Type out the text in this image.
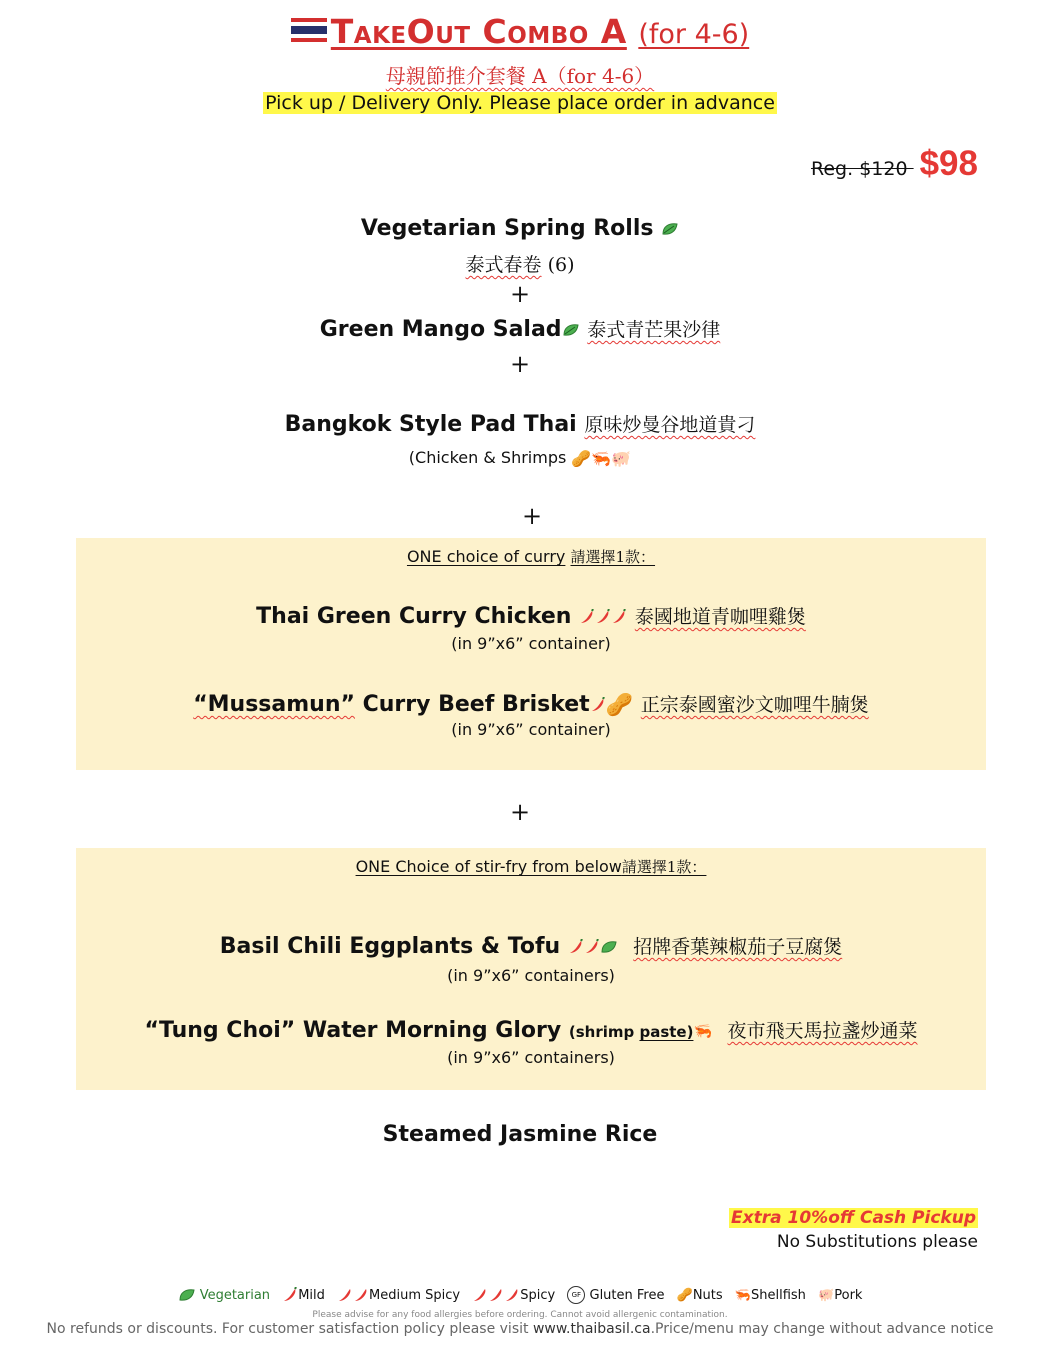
TakeOut Combo A (for 4-6)
母親節推介套餐 A（for 4-6）
Pick up / Delivery Only. Please place order in advance
Reg. $120 $98
Vegetarian Spring Rolls
泰式春卷 (6)
+
Green Mango Salad 泰式青芒果沙律
+
Bangkok Style Pad Thai 原味炒曼谷地道貴刁
(Chicken & Shrimps 🥜🦐🐖
+
ONE choice of curry 請選擇1款：
Thai Green Curry Chicken	泰國地道青咖哩雞煲
(in 9”x6” container)
“Mussamun” Curry Beef Brisket 🥜 正宗泰國蜜沙文咖哩牛腩煲
(in 9”x6” container)
+
ONE Choice of stir-fry from below請選擇1款：
Basil Chili Eggplants & Tofu	招牌香葉辣椒茄子豆腐煲
(in 9”x6” containers)
“Tung Choi” Water Morning Glory (shrimp paste)🦐 夜市飛天馬拉盞炒通菜
(in 9”x6” containers)
Steamed Jasmine Rice
Extra 10%off Cash Pickup
No Substitutions please
Vegetarian Mild	Medium Spicy	Spicy GF Gluten Free 🥜Nuts 🦐Shellfish 🐖Pork
Please advise for any food allergies before ordering. Cannot avoid allergenic contamination.
No refunds or discounts. For customer satisfaction policy please visit www.thaibasil.ca.Price/menu may change without advance notice
